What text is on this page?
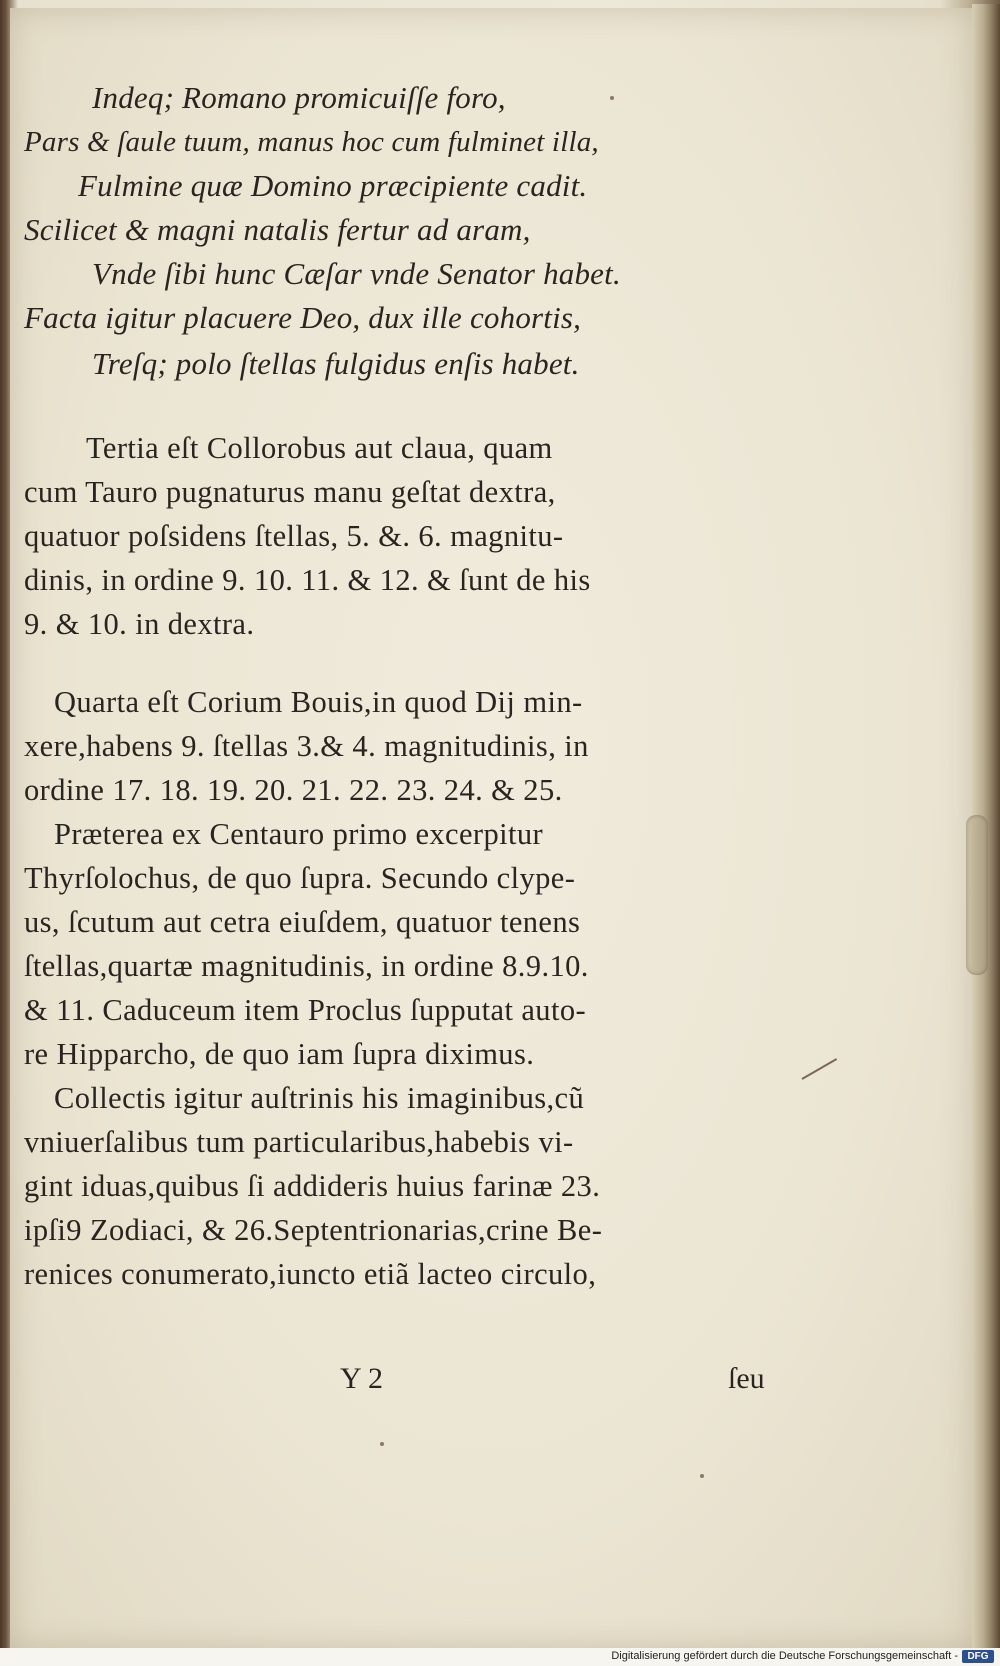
Indeq; Romano promicuiſſe foro,
Pars & ſaule tuum, manus hoc cum fulminet illa,
Fulmine quæ Domino præcipiente cadit.
Scilicet & magni natalis fertur ad aram,
Vnde ſibi hunc Cæſar vnde Senator habet.
Facta igitur placuere Deo, dux ille cohortis,
Treſq; polo ſtellas fulgidus enſis habet.
Tertia eſt Collorobus aut claua, quam
cum Tauro pugnaturus manu geſtat dextra,
quatuor poſsidens ſtellas, 5. &. 6. magnitu-
dinis, in ordine 9. 10. 11. & 12. & ſunt de his
9. & 10. in dextra.
Quarta eſt Corium Bouis,in quod Dij min-
xere,habens 9. ſtellas 3.& 4. magnitudinis, in
ordine 17. 18. 19. 20. 21. 22. 23. 24. & 25.
Præterea ex Centauro primo excerpitur
Thyrſolochus, de quo ſupra. Secundo clype-
us, ſcutum aut cetra eiuſdem, quatuor tenens
ſtellas,quartæ magnitudinis, in ordine 8.9.10.
& 11. Caduceum item Proclus ſupputat auto-
re Hipparcho, de quo iam ſupra diximus.
Collectis igitur auſtrinis his imaginibus,cũ
vniuerſalibus tum particularibus,habebis vi-
gint iduas,quibus ſi addideris huius farinæ 23.
ipſi9 Zodiaci, & 26.Septentrionarias,crine Be-
renices conumerato,iuncto etiã lacteo circulo,
Y 2	ſeu
Digitalisierung gefördert durch die Deutsche Forschungsgemeinschaft - DFG
